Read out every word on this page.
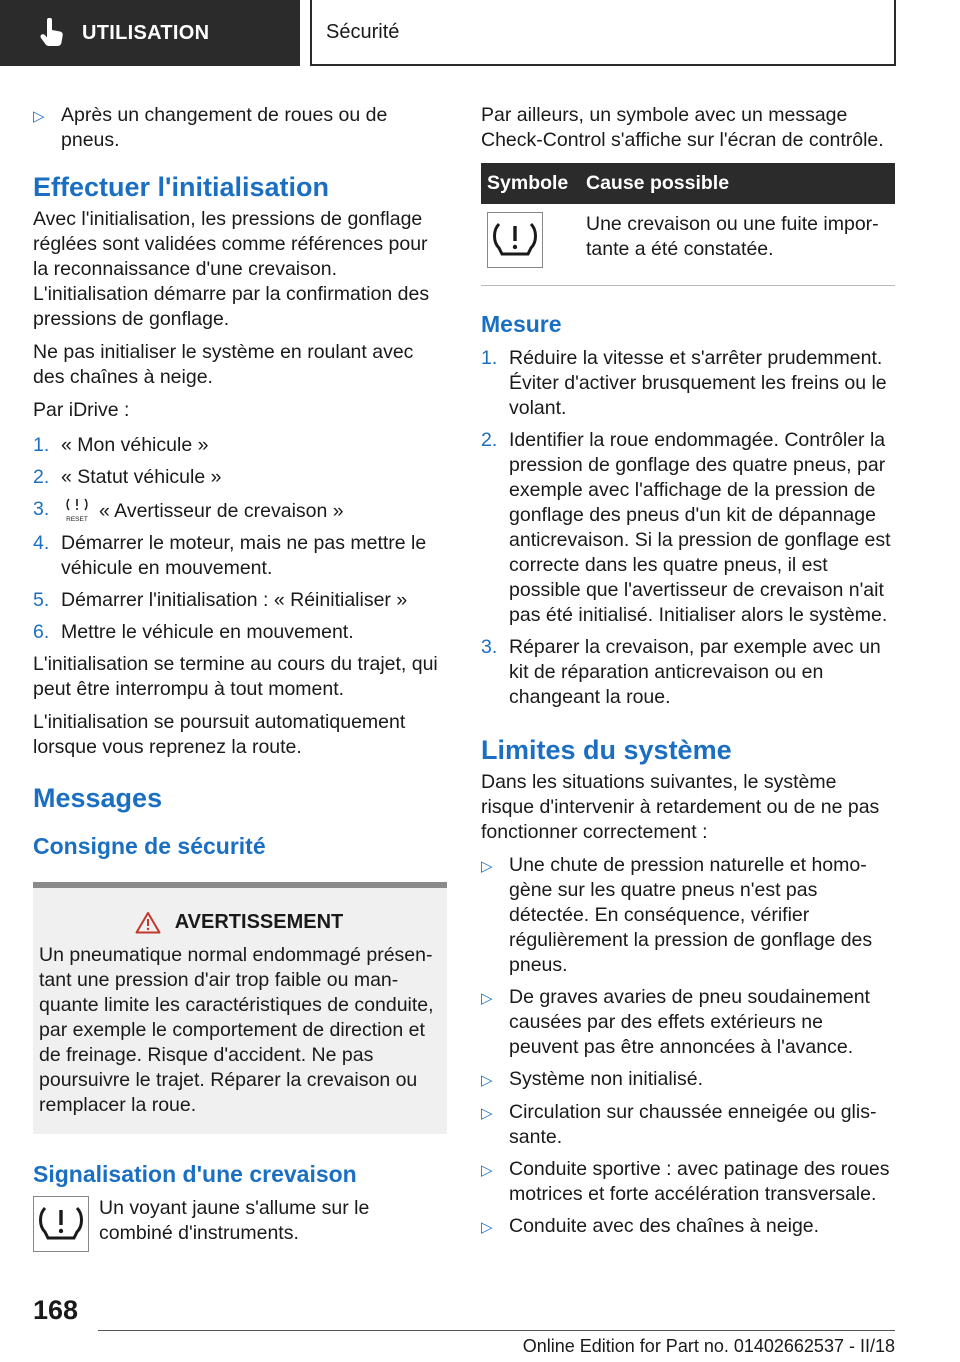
UTILISATION	Sécurité
▷ Après un changement de roues ou de pneus.
Effectuer l'initialisation

Avec l'initialisation, les pressions de gonflage réglées sont validées comme références pour la reconnaissance d'une crevaison. L'initialisation démarre par la confirmation des pressions de gonflage.

Ne pas initialiser le système en roulant avec des chaînes à neige.

Par iDrive :

1. « Mon véhicule »
2. « Statut véhicule »
3.	RESET « Avertisseur de crevaison »
4. Démarrer le moteur, mais ne pas mettre le véhicule en mouvement.
5. Démarrer l'initialisation : « Réinitialiser »
6. Mettre le véhicule en mouvement.

L'initialisation se termine au cours du trajet, qui peut être interrompu à tout moment.

L'initialisation se poursuit automatiquement lorsque vous reprenez la route.

Messages
Consigne de sécurité
AVERTISSEMENT
Un pneumatique normal endommagé présentant une pression d'air trop faible ou manquante limite les caractéristiques de conduite, par exemple le comportement de direction et de freinage. Risque d'accident. Ne pas poursuivre le trajet. Réparer la crevaison ou remplacer la roue.
Signalisation d'une crevaison
Un voyant jaune s'allume sur le combiné d'instruments.

Par ailleurs, un symbole avec un message Check-Control s'affiche sur l'écran de contrôle.

Symbole Cause possible
Une crevaison ou une fuite importante a été constatée.
Mesure
1. Réduire la vitesse et s'arrêter prudemment. Éviter d'activer brusquement les freins ou le volant.
2. Identifier la roue endommagée. Contrôler la pression de gonflage des quatre pneus, par exemple avec l'affichage de la pression de gonflage des pneus d'un kit de dépannage anticrevaison. Si la pression de gonflage est correcte dans les quatre pneus, il est possible que l'avertisseur de crevaison n'ait pas été initialisé. Initialiser alors le système.
3. Réparer la crevaison, par exemple avec un kit de réparation anticrevaison ou en changeant la roue.
Limites du système

Dans les situations suivantes, le système risque d'intervenir à retardement ou de ne pas fonctionner correctement :

▷ Une chute de pression naturelle et homogène sur les quatre pneus n'est pas détectée. En conséquence, vérifier régulièrement la pression de gonflage des pneus.
▷ De graves avaries de pneu soudainement causées par des effets extérieurs ne peuvent pas être annoncées à l'avance.
▷ Système non initialisé.
▷ Circulation sur chaussée enneigée ou glissante.
▷ Conduite sportive : avec patinage des roues motrices et forte accélération transversale.
▷ Conduite avec des chaînes à neige.
168
Online Edition for Part no. 01402662537 - II/18
